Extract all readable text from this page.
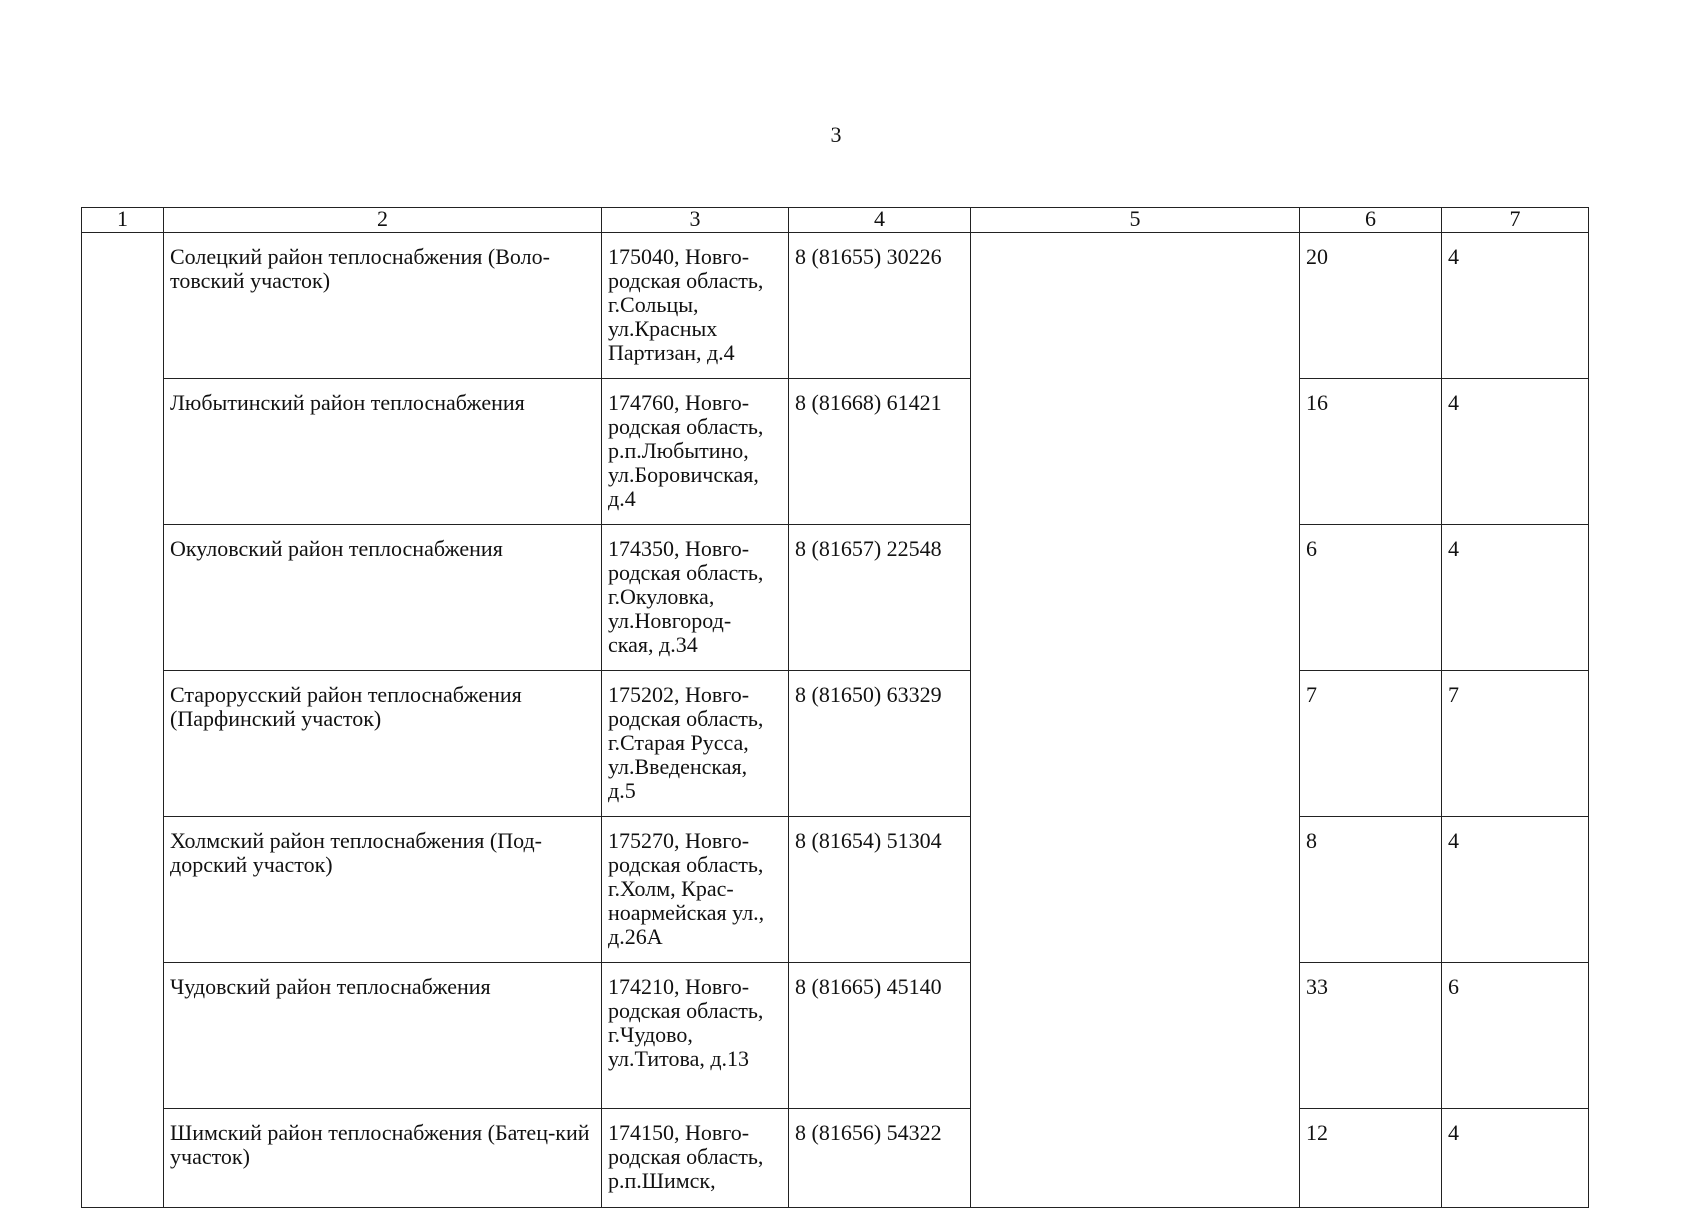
3
1	2	3	4	5	6	7
	Солецкий район теплоснабжения (Воло-товский участок)	175040, Новго-
родская область,
г.Сольцы,
ул.Красных
Партизан, д.4	8 (81655) 30226		20	4
	Любытинский район теплоснабжения	174760, Новго-
родская область,
р.п.Любытино,
ул.Боровичская,
д.4	8 (81668) 61421		16	4
	Окуловский район теплоснабжения	174350, Новго-
родская область,
г.Окуловка,
ул.Новгород-
ская, д.34	8 (81657) 22548		6	4
	Старорусский район теплоснабжения (Парфинский участок)	175202, Новго-
родская область,
г.Старая Русса,
ул.Введенская,
д.5	8 (81650) 63329		7	7
	Холмский район теплоснабжения (Под-дорский участок)	175270, Новго-
родская область,
г.Холм, Крас-
ноармейская ул.,
д.26А	8 (81654) 51304		8	4
	Чудовский район теплоснабжения	174210, Новго-
родская область,
г.Чудово,
ул.Титова, д.13	8 (81665) 45140		33	6
	Шимский район теплоснабжения (Батец-кий участок)	174150, Новго-
родская область,
р.п.Шимск,	8 (81656) 54322		12	4
